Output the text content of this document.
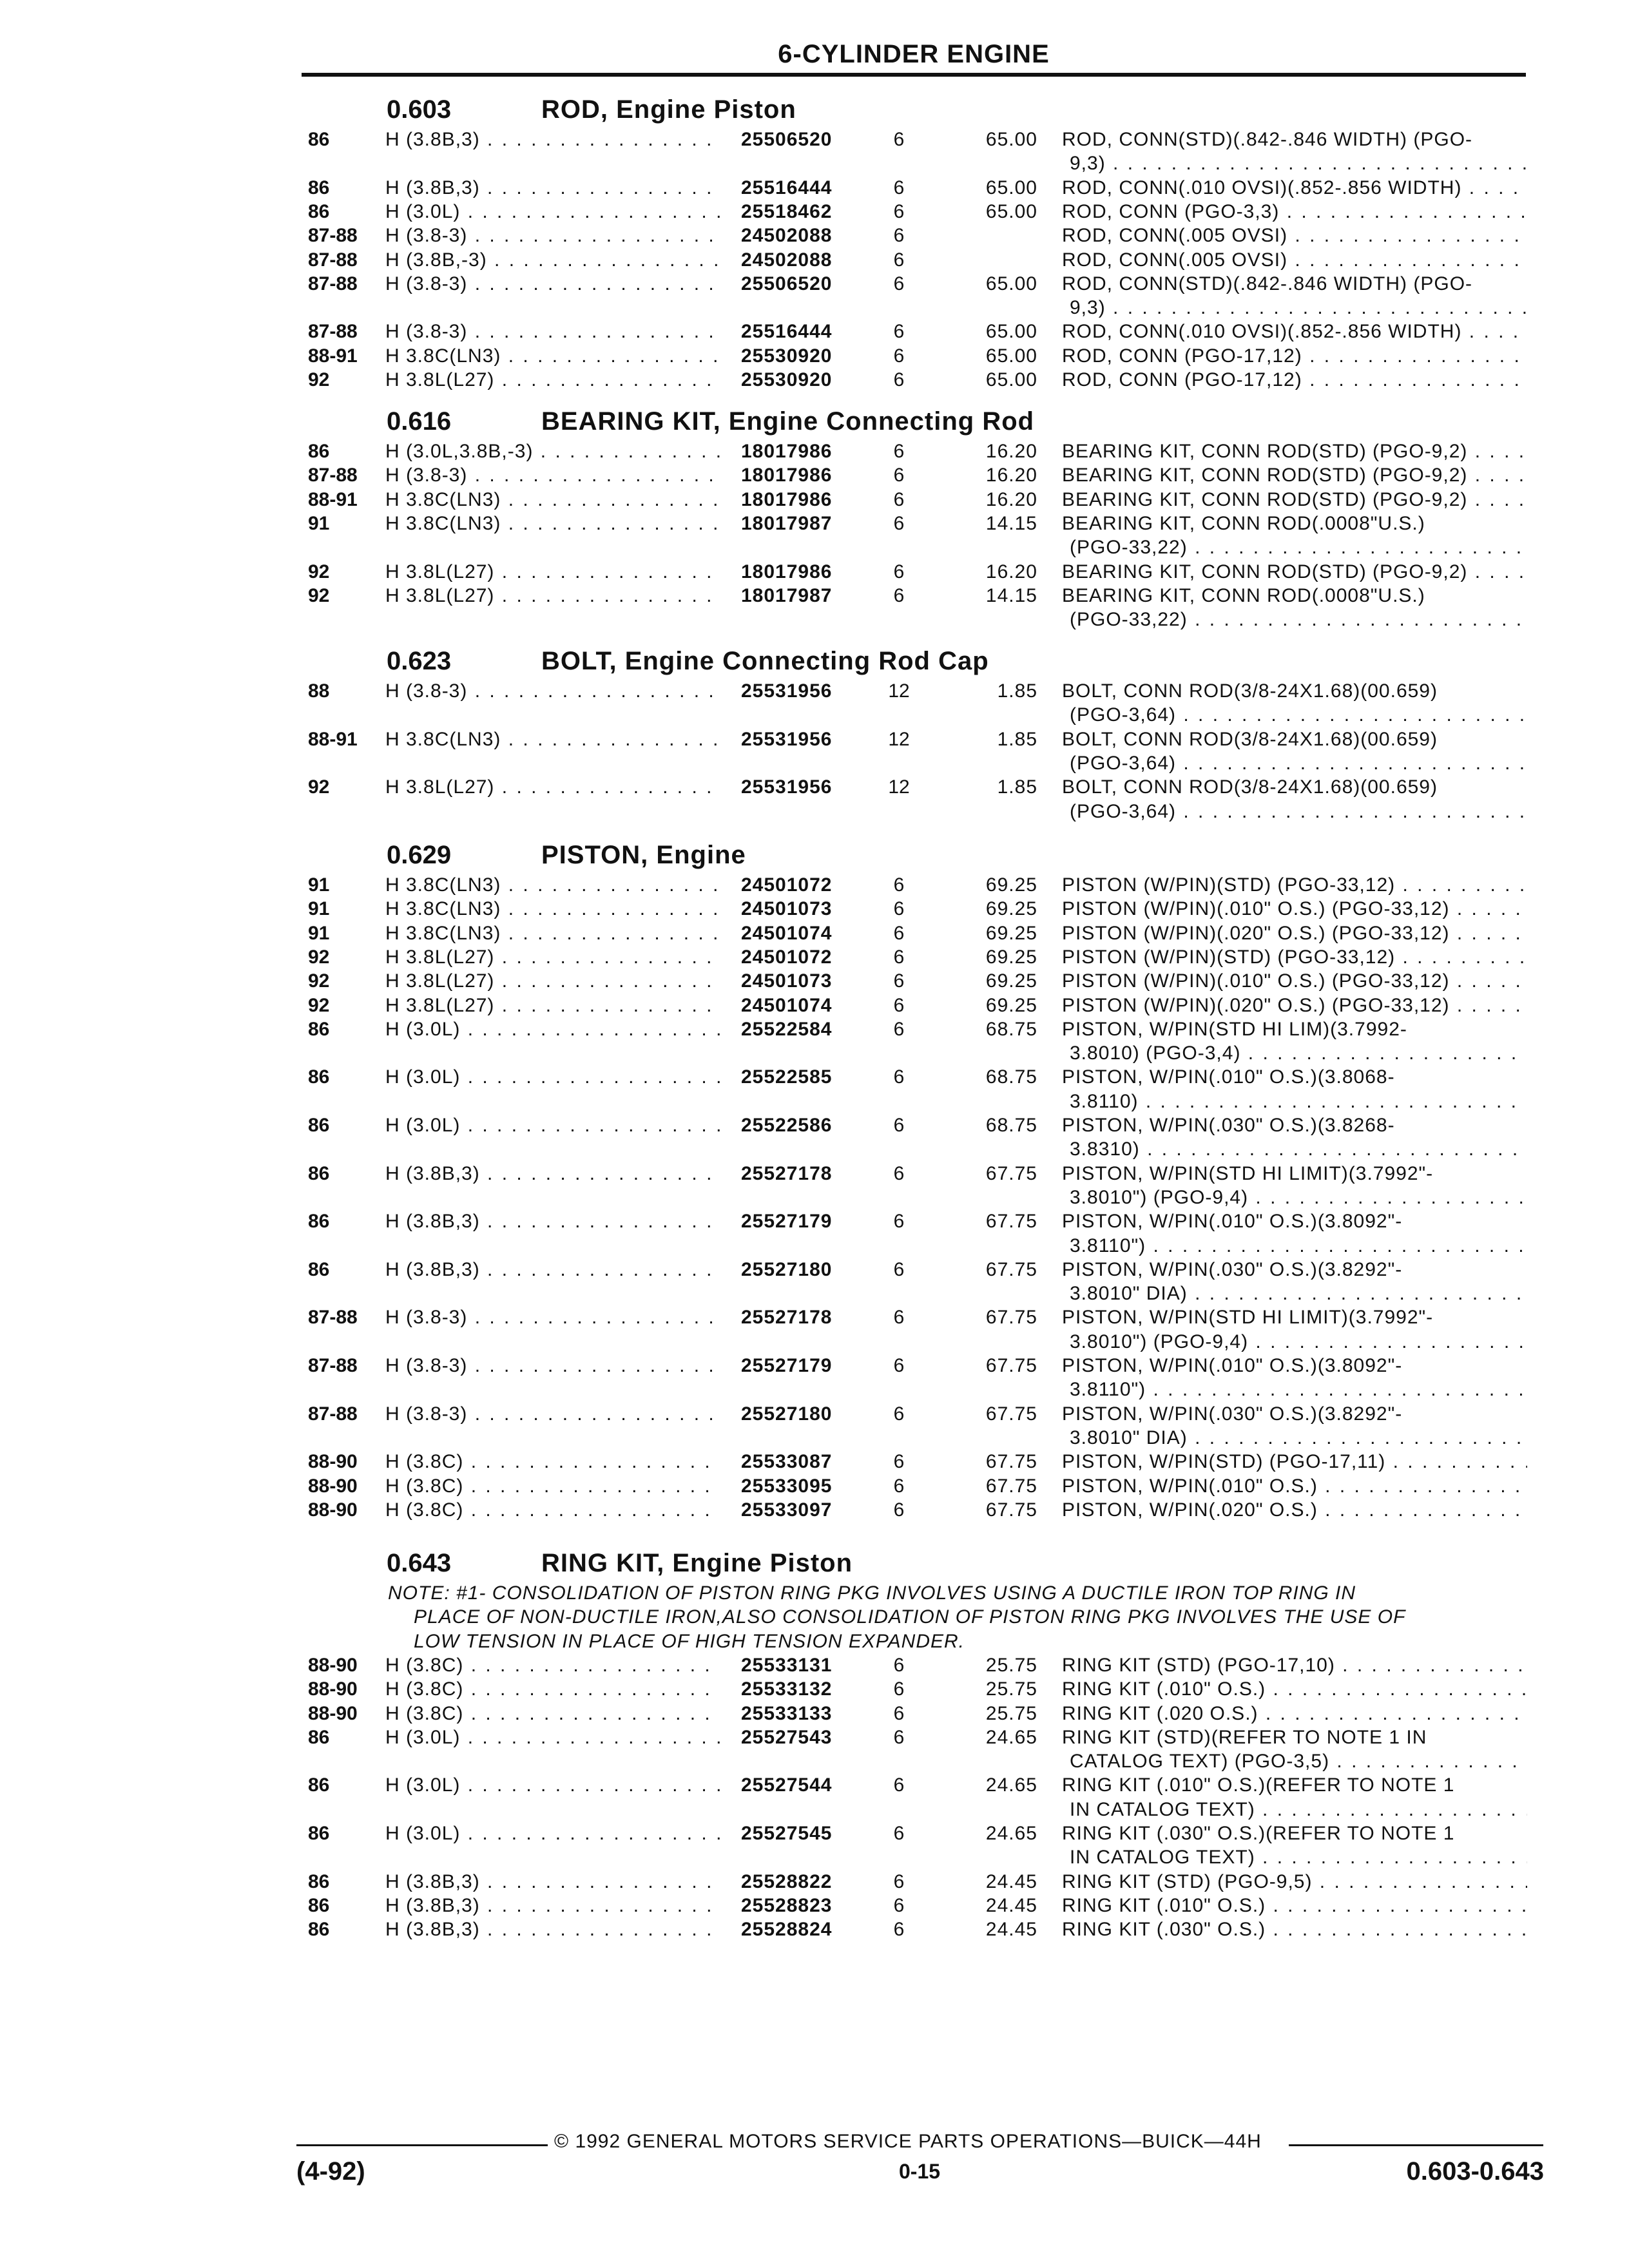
6-CYLINDER ENGINE
0.603	ROD, Engine Piston
86	H (3.8B,3) . . .	25506520	6	65.00 ROD, CONN(STD)(.842-.846 WIDTH) (PGO-
9,3) . . .
86	H (3.8B,3) . . .	25516444	6	65.00 ROD, CONN(.010 OVSI)(.852-.856 WIDTH) . . .
86	H (3.0L) . . .	25518462	6	65.00 ROD, CONN (PGO-3,3) . . .
87-88 H (3.8-3) . . .	24502088	6	ROD, CONN(.005 OVSI) . . .
87-88 H (3.8B,-3) . . .	24502088	6	ROD, CONN(.005 OVSI) . . .
87-88 H (3.8-3) . . .	25506520	6	65.00 ROD, CONN(STD)(.842-.846 WIDTH) (PGO-
9,3) . . .
87-88 H (3.8-3) . . .	25516444	6	65.00 ROD, CONN(.010 OVSI)(.852-.856 WIDTH) . . .
88-91 H 3.8C(LN3) . . .	25530920	6	65.00 ROD, CONN (PGO-17,12) . . .
92	H 3.8L(L27) . . .	25530920	6	65.00 ROD, CONN (PGO-17,12) . . .
0.616	BEARING KIT, Engine Connecting Rod
86	H (3.0L,3.8B,-3) . . .	18017986	6	16.20 BEARING KIT, CONN ROD(STD) (PGO-9,2) . . .
87-88 H (3.8-3) . . .	18017986	6	16.20 BEARING KIT, CONN ROD(STD) (PGO-9,2) . . .
88-91 H 3.8C(LN3) . . .	18017986	6	16.20 BEARING KIT, CONN ROD(STD) (PGO-9,2) . . .
91	H 3.8C(LN3) . . .	18017987	6	14.15 BEARING KIT, CONN ROD(.0008"U.S.)
(PGO-33,22) . . .
92	H 3.8L(L27) . . .	18017986	6	16.20 BEARING KIT, CONN ROD(STD) (PGO-9,2) . . .
92	H 3.8L(L27) . . .	18017987	6	14.15 BEARING KIT, CONN ROD(.0008"U.S.)
(PGO-33,22) . . .
0.623	BOLT, Engine Connecting Rod Cap
88	H (3.8-3) . . .	25531956	12	1.85 BOLT, CONN ROD(3/8-24X1.68)(00.659)
(PGO-3,64) . . .
88-91 H 3.8C(LN3) . . .	25531956	12	1.85 BOLT, CONN ROD(3/8-24X1.68)(00.659)
(PGO-3,64) . . .
92	H 3.8L(L27) . . .	25531956	12	1.85 BOLT, CONN ROD(3/8-24X1.68)(00.659)
(PGO-3,64) . . .
0.629	PISTON, Engine
91	H 3.8C(LN3) . . .	24501072	6	69.25 PISTON (W/PIN)(STD) (PGO-33,12) . . .
91	H 3.8C(LN3) . . .	24501073	6	69.25 PISTON (W/PIN)(.010" O.S.) (PGO-33,12) . . .
91	H 3.8C(LN3) . . .	24501074	6	69.25 PISTON (W/PIN)(.020" O.S.) (PGO-33,12) . . .
92	H 3.8L(L27) . . .	24501072	6	69.25 PISTON (W/PIN)(STD) (PGO-33,12) . . .
92	H 3.8L(L27) . . .	24501073	6	69.25 PISTON (W/PIN)(.010" O.S.) (PGO-33,12) . . .
92	H 3.8L(L27) . . .	24501074	6	69.25 PISTON (W/PIN)(.020" O.S.) (PGO-33,12) . . .
86	H (3.0L) . . .	25522584	6	68.75 PISTON, W/PIN(STD HI LIM)(3.7992-
3.8010) (PGO-3,4) . . .
86	H (3.0L) . . .	25522585	6	68.75 PISTON, W/PIN(.010" O.S.)(3.8068-
3.8110) . . .
86	H (3.0L) . . .	25522586	6	68.75 PISTON, W/PIN(.030" O.S.)(3.8268-
3.8310) . . .
86	H (3.8B,3) . . .	25527178	6	67.75 PISTON, W/PIN(STD HI LIMIT)(3.7992"-
3.8010") (PGO-9,4) . . .
86	H (3.8B,3) . . .	25527179	6	67.75 PISTON, W/PIN(.010" O.S.)(3.8092"-
3.8110") . . .
86	H (3.8B,3) . . .	25527180	6	67.75 PISTON, W/PIN(.030" O.S.)(3.8292"-
3.8010" DIA) . . .
87-88 H (3.8-3) . . .	25527178	6	67.75 PISTON, W/PIN(STD HI LIMIT)(3.7992"-
3.8010") (PGO-9,4) . . .
87-88 H (3.8-3) . . .	25527179	6	67.75 PISTON, W/PIN(.010" O.S.)(3.8092"-
3.8110") . . .
87-88 H (3.8-3) . . .	25527180	6	67.75 PISTON, W/PIN(.030" O.S.)(3.8292"-
3.8010" DIA) . . .
88-90 H (3.8C) . . .	25533087	6	67.75 PISTON, W/PIN(STD) (PGO-17,11) . . .
88-90 H (3.8C) . . .	25533095	6	67.75 PISTON, W/PIN(.010" O.S.) . . .
88-90 H (3.8C) . . .	25533097	6	67.75 PISTON, W/PIN(.020" O.S.) . . .
0.643	RING KIT, Engine Piston
NOTE: #1- CONSOLIDATION OF PISTON RING PKG INVOLVES USING A DUCTILE IRON TOP RING IN
PLACE OF NON-DUCTILE IRON,ALSO CONSOLIDATION OF PISTON RING PKG INVOLVES THE USE OF
LOW TENSION IN PLACE OF HIGH TENSION EXPANDER.
88-90 H (3.8C) . . .	25533131	6	25.75 RING KIT (STD) (PGO-17,10) . . .
88-90 H (3.8C) . . .	25533132	6	25.75 RING KIT (.010" O.S.) . . .
88-90 H (3.8C) . . .	25533133	6	25.75 RING KIT (.020 O.S.) . . .
86	H (3.0L) . . .	25527543	6	24.65 RING KIT (STD)(REFER TO NOTE 1 IN
CATALOG TEXT) (PGO-3,5) . . .
86	H (3.0L) . . .	25527544	6	24.65 RING KIT (.010" O.S.)(REFER TO NOTE 1
IN CATALOG TEXT) . . .
86	H (3.0L) . . .	25527545	6	24.65 RING KIT (.030" O.S.)(REFER TO NOTE 1
IN CATALOG TEXT) . . .
86	H (3.8B,3) . . .	25528822	6	24.45 RING KIT (STD) (PGO-9,5) . . .
86	H (3.8B,3) . . .	25528823	6	24.45 RING KIT (.010" O.S.) . . .
86	H (3.8B,3) . . .	25528824	6	24.45 RING KIT (.030" O.S.) . . .
© 1992 GENERAL MOTORS SERVICE PARTS OPERATIONS—BUICK—44H
(4-92)	0-15	0.603-0.643
